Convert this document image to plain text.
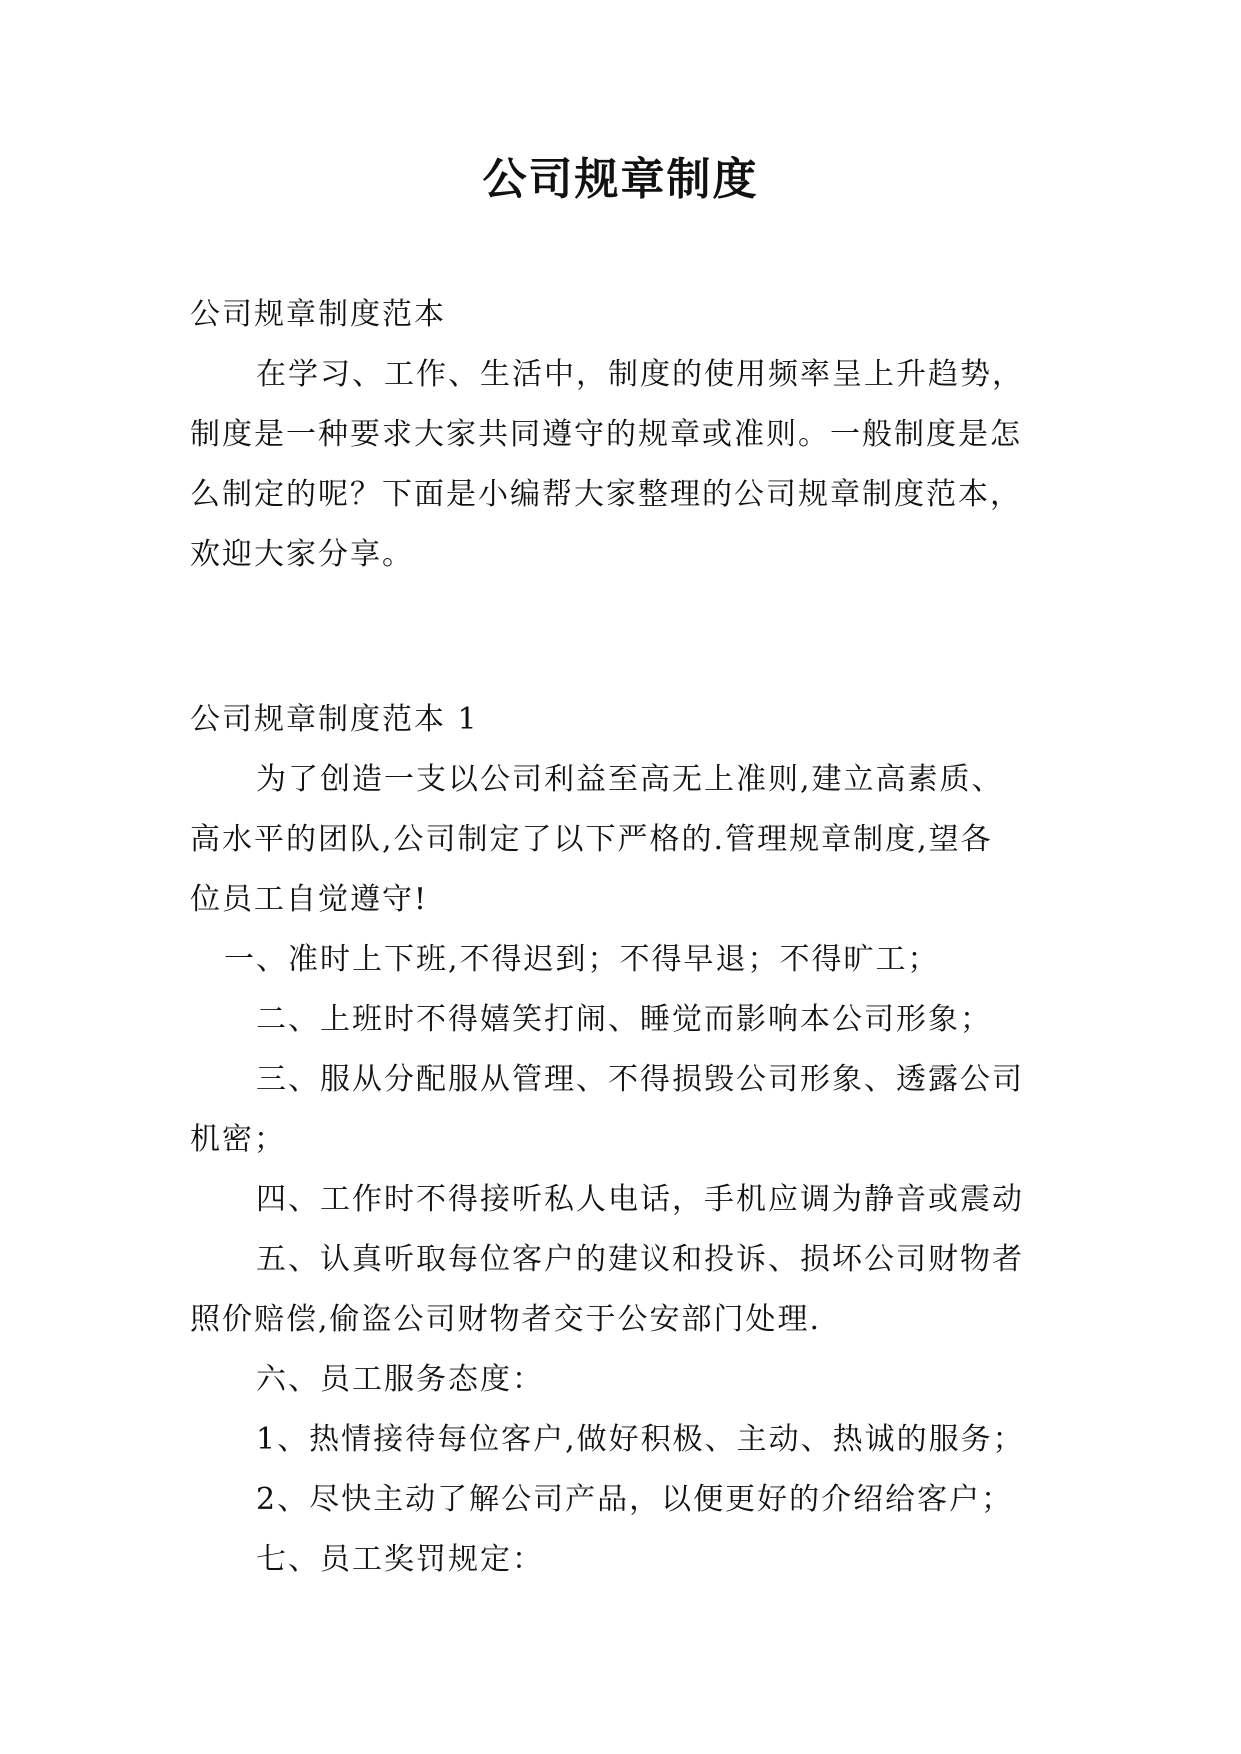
公司规章制度
公司规章制度范本
在学习、工作、生活中，制度的使用频率呈上升趋势，
制度是一种要求大家共同遵守的规章或准则。一般制度是怎
么制定的呢？下面是小编帮大家整理的公司规章制度范本，
欢迎大家分享。
公司规章制度范本 1
为了创造一支以公司利益至高无上准则,建立高素质、
高水平的团队,公司制定了以下严格的.管理规章制度,望各
位员工自觉遵守!
一、准时上下班,不得迟到；不得早退；不得旷工；
二、上班时不得嬉笑打闹、睡觉而影响本公司形象；
三、服从分配服从管理、不得损毁公司形象、透露公司
机密；
四、工作时不得接听私人电话，手机应调为静音或震动
五、认真听取每位客户的建议和投诉、损坏公司财物者
照价赔偿,偷盗公司财物者交于公安部门处理.
六、员工服务态度：
1、热情接待每位客户,做好积极、主动、热诚的服务；
2、尽快主动了解公司产品，以便更好的介绍给客户；
七、员工奖罚规定：
